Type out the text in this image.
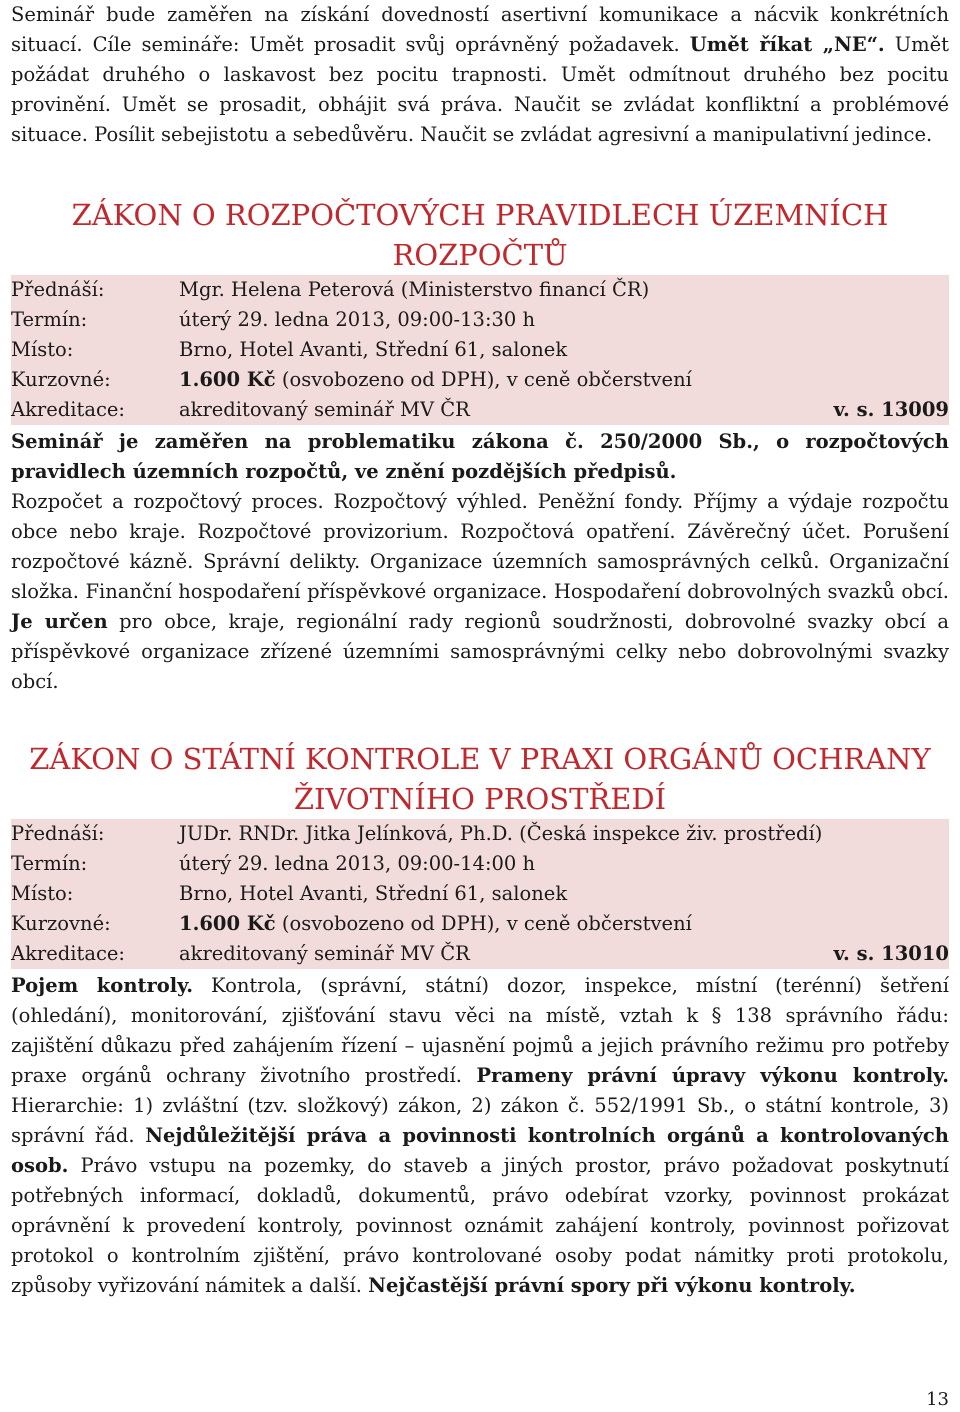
Seminář bude zaměřen na získání dovedností asertivní komunikace a nácvik konkrétních situací. Cíle semináře: Umět prosadit svůj oprávněný požadavek. Umět říkat „NE“. Umět požádat druhého o laskavost bez pocitu trapnosti. Umět odmítnout druhého bez pocitu provinění. Umět se prosadit, obhájit svá práva. Naučit se zvládat konfliktní a problémové situace. Posílit sebejistotu a sebedůvěru. Naučit se zvládat agresivní a manipulativní jedince.

ZÁKON O ROZPOČTOVÝCH PRAVIDLECH ÚZEMNÍCH
ROZPOČTŮ
Přednáší:	Mgr. Helena Peterová (Ministerstvo financí ČR)
Termín:	úterý 29. ledna 2013, 09:00-13:30 h
Místo:	Brno, Hotel Avanti, Střední 61, salonek
Kurzovné:	1.600 Kč (osvobozeno od DPH), v ceně občerstvení
Akreditace:	akreditovaný seminář MV ČR	v. s. 13009

Seminář je zaměřen na problematiku zákona č. 250/2000 Sb., o rozpočtových pravidlech územních rozpočtů, ve znění pozdějších předpisů.

Rozpočet a rozpočtový proces. Rozpočtový výhled. Peněžní fondy. Příjmy a výdaje rozpočtu obce nebo kraje. Rozpočtové provizorium. Rozpočtová opatření. Závěrečný účet. Porušení rozpočtové kázně. Správní delikty. Organizace územních samosprávných celků. Organizační složka. Finanční hospodaření příspěvkové organizace. Hospodaření dobrovolných svazků obcí. Je určen pro obce, kraje, regionální rady regionů soudržnosti, dobrovolné svazky obcí a příspěvkové organizace zřízené územními samosprávnými celky nebo dobrovolnými svazky obcí.

ZÁKON O STÁTNÍ KONTROLE V PRAXI ORGÁNŮ OCHRANY
ŽIVOTNÍHO PROSTŘEDÍ
Přednáší:	JUDr. RNDr. Jitka Jelínková, Ph.D. (Česká inspekce živ. prostředí)
Termín:	úterý 29. ledna 2013, 09:00-14:00 h
Místo:	Brno, Hotel Avanti, Střední 61, salonek
Kurzovné:	1.600 Kč (osvobozeno od DPH), v ceně občerstvení
Akreditace:	akreditovaný seminář MV ČR	v. s. 13010

Pojem kontroly. Kontrola, (správní, státní) dozor, inspekce, místní (terénní) šetření (ohledání), monitorování, zjišťování stavu věci na místě, vztah k § 138 správního řádu: zajištění důkazu před zahájením řízení – ujasnění pojmů a jejich právního režimu pro potřeby praxe orgánů ochrany životního prostředí. Prameny právní úpravy výkonu kontroly. Hierarchie: 1) zvláštní (tzv. složkový) zákon, 2) zákon č. 552/1991 Sb., o státní kontrole, 3) správní řád. Nejdůležitější práva a povinnosti kontrolních orgánů a kontrolovaných osob. Právo vstupu na pozemky, do staveb a jiných prostor, právo požadovat poskytnutí potřebných informací, dokladů, dokumentů, právo odebírat vzorky, povinnost prokázat oprávnění k provedení kontroly, povinnost oznámit zahájení kontroly, povinnost pořizovat protokol o kontrolním zjištění, právo kontrolované osoby podat námitky proti protokolu, způsoby vyřizování námitek a další. Nejčastější právní spory při výkonu kontroly.

13
